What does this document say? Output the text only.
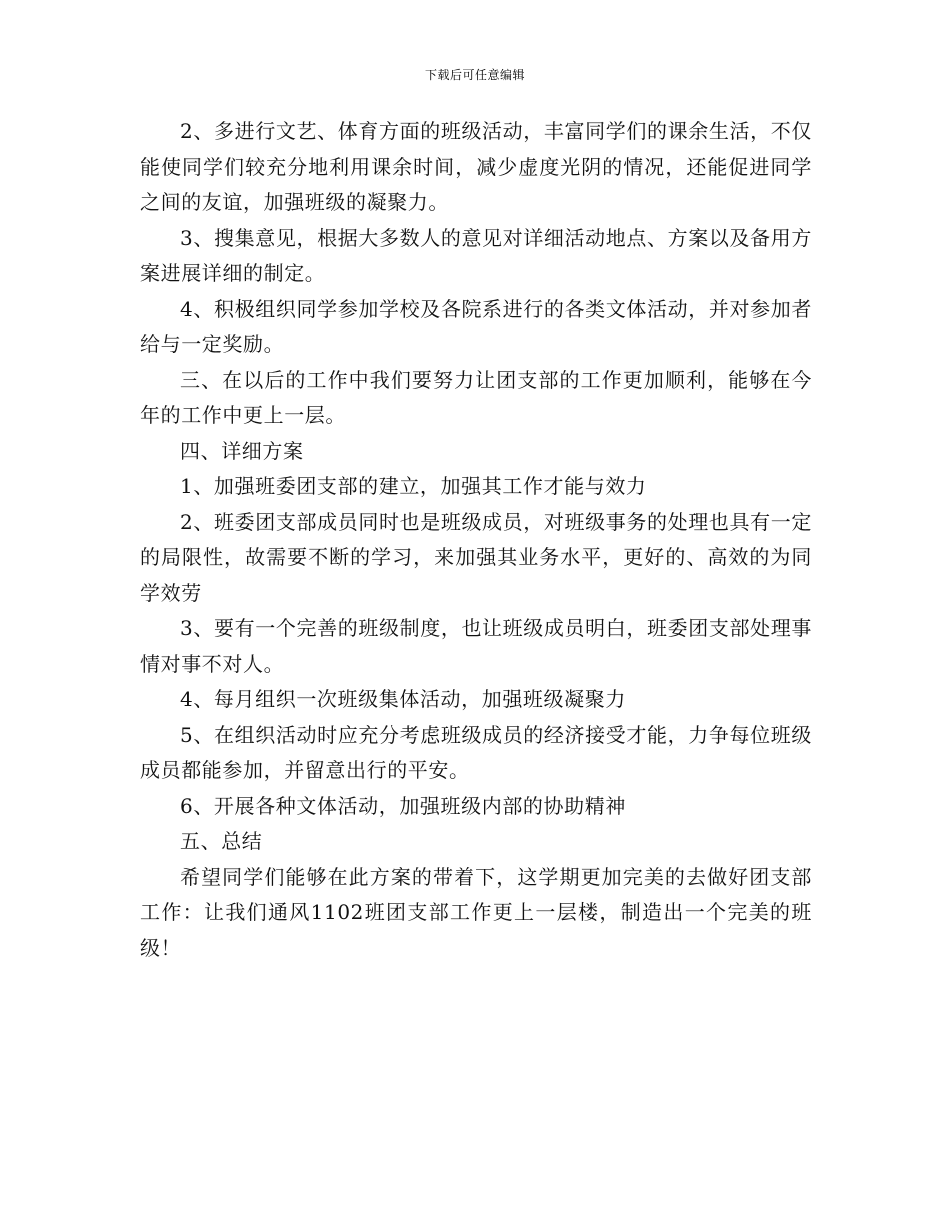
下载后可任意编辑

2、多进行文艺、体育方面的班级活动，丰富同学们的课余生活，不仅能使同学们较充分地利用课余时间，减少虚度光阴的情况，还能促进同学之间的友谊，加强班级的凝聚力。

3、搜集意见，根据大多数人的意见对详细活动地点、方案以及备用方案进展详细的制定。

4、积极组织同学参加学校及各院系进行的各类文体活动，并对参加者给与一定奖励。

三、在以后的工作中我们要努力让团支部的工作更加顺利，能够在今年的工作中更上一层。

四、详细方案

1、加强班委团支部的建立，加强其工作才能与效力

2、班委团支部成员同时也是班级成员，对班级事务的处理也具有一定的局限性，故需要不断的学习，来加强其业务水平，更好的、高效的为同学效劳

3、要有一个完善的班级制度，也让班级成员明白，班委团支部处理事情对事不对人。

4、每月组织一次班级集体活动，加强班级凝聚力

5、在组织活动时应充分考虑班级成员的经济接受才能，力争每位班级成员都能参加，并留意出行的平安。

6、开展各种文体活动，加强班级内部的协助精神

五、总结

希望同学们能够在此方案的带着下，这学期更加完美的去做好团支部工作：让我们通风1102班团支部工作更上一层楼，制造出一个完美的班级！
